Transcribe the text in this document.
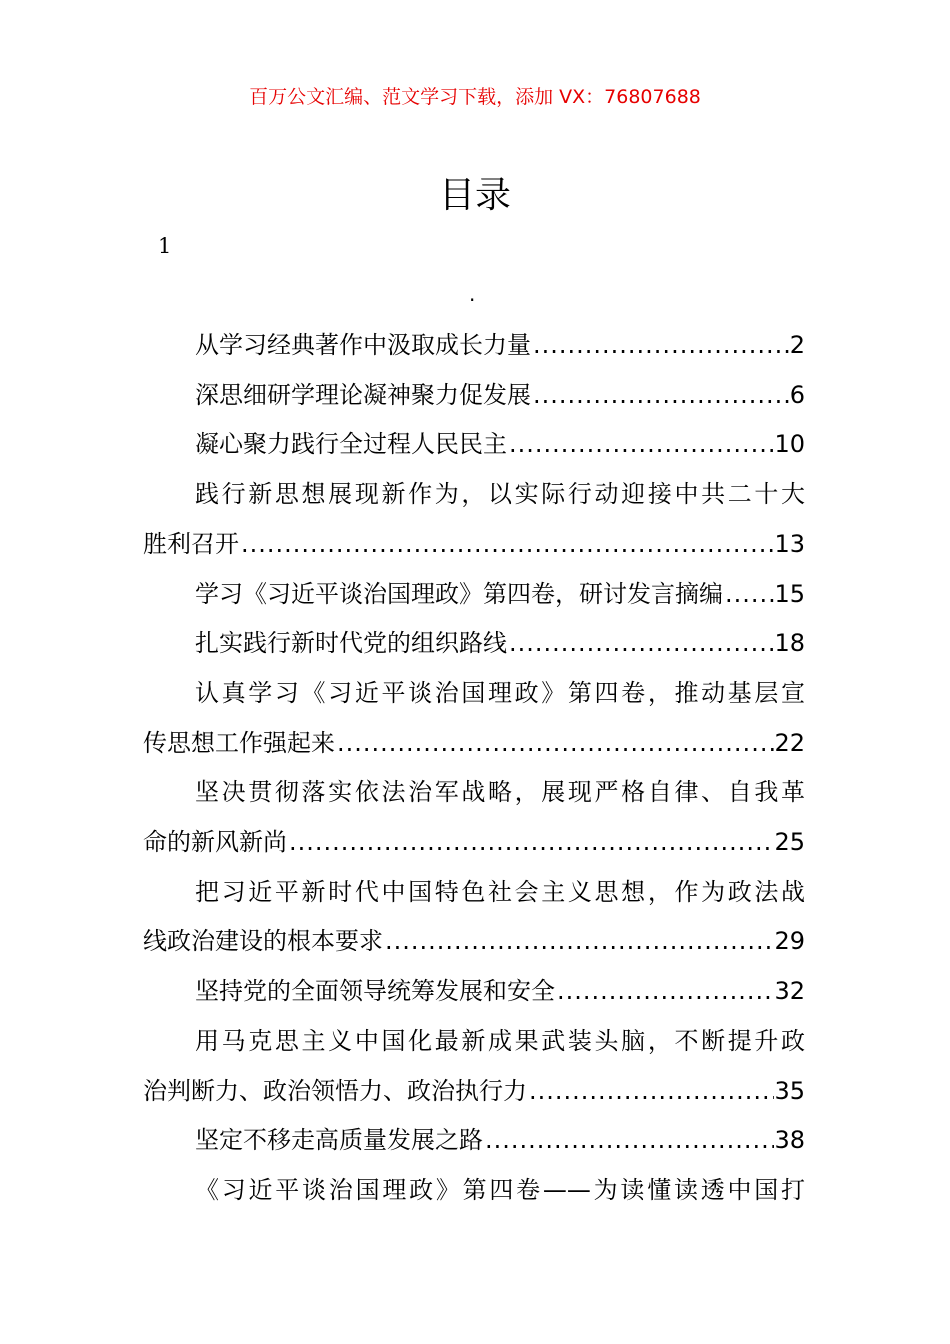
百万公文汇编、范文学习下载，添加 VX：76807688
目录
1
.
从学习经典著作中汲取成长力量 .....	2
深思细研学理论凝神聚力促发展 .....	6
凝心聚力践行全过程人民民主 .....	10
践行新思想展现新作为，以实际行动迎接中共二十大
胜利召开 .....	13
学习《习近平谈治国理政》第四卷，研讨发言摘编 ..... 15
扎实践行新时代党的组织路线 .....	18
认真学习《习近平谈治国理政》第四卷，推动基层宣
传思想工作强起来 .....	22
坚决贯彻落实依法治军战略，展现严格自律、自我革
命的新风新尚 .....	25
把习近平新时代中国特色社会主义思想，作为政法战
线政治建设的根本要求 .....	29
坚持党的全面领导统筹发展和安全 .....	32
用马克思主义中国化最新成果武装头脑，不断提升政
治判断力、政治领悟力、政治执行力 .....	35
坚定不移走高质量发展之路 .....	38
《习近平谈治国理政》第四卷——为读懂读透中国打
